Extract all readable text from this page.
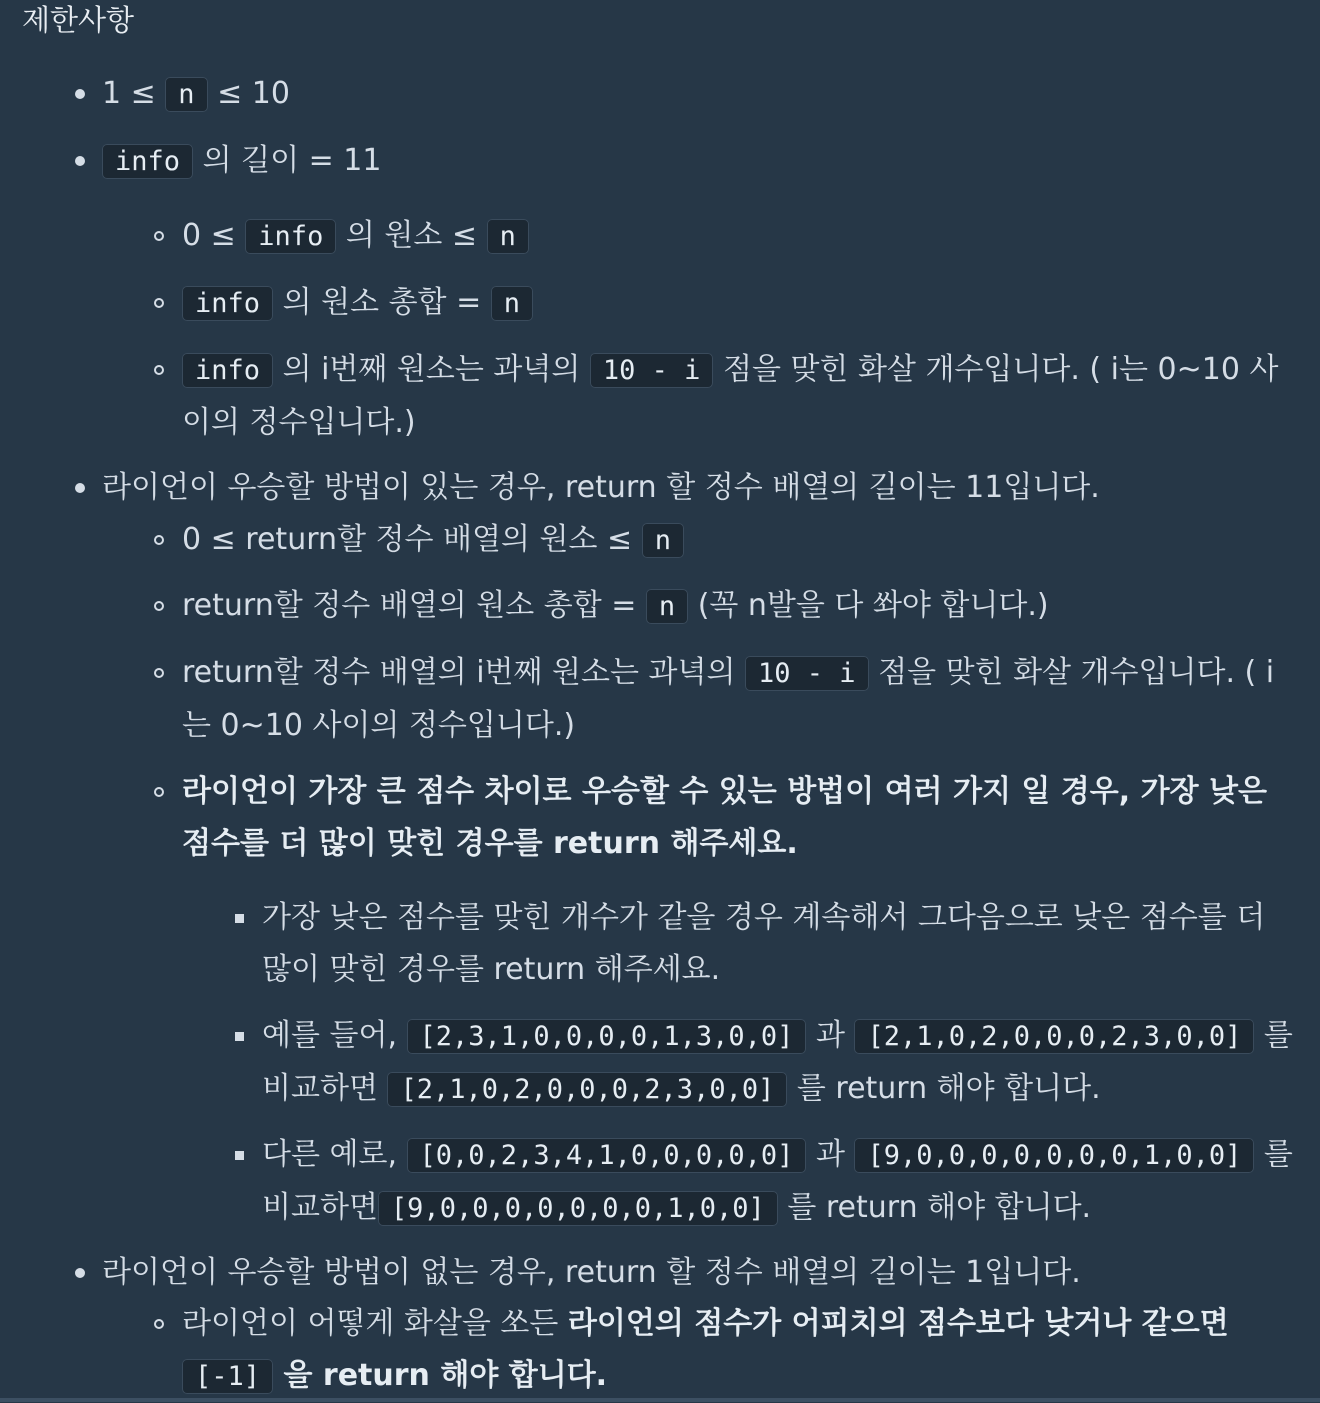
제한사항
1 ≤ n ≤ 10
info 의 길이 = 11
0 ≤ info 의 원소 ≤ n
info 의 원소 총합 = n
info 의 i번째 원소는 과녁의 10 - i 점을 맞힌 화살 개수입니다. ( i는 0~10 사이의 정수입니다.)
라이언이 우승할 방법이 있는 경우, return 할 정수 배열의 길이는 11입니다.
0 ≤ return할 정수 배열의 원소 ≤ n
return할 정수 배열의 원소 총합 = n (꼭 n발을 다 쏴야 합니다.)
return할 정수 배열의 i번째 원소는 과녁의 10 - i 점을 맞힌 화살 개수입니다. ( i는 0~10 사이의 정수입니다.)
라이언이 가장 큰 점수 차이로 우승할 수 있는 방법이 여러 가지 일 경우, 가장 낮은 점수를 더 많이 맞힌 경우를 return 해주세요.
가장 낮은 점수를 맞힌 개수가 같을 경우 계속해서 그다음으로 낮은 점수를 더 많이 맞힌 경우를 return 해주세요.
예를 들어, [2,3,1,0,0,0,0,1,3,0,0] 과 [2,1,0,2,0,0,0,2,3,0,0] 를 비교하면 [2,1,0,2,0,0,0,2,3,0,0] 를 return 해야 합니다.
다른 예로, [0,0,2,3,4,1,0,0,0,0,0] 과 [9,0,0,0,0,0,0,0,1,0,0] 를 비교하면 [9,0,0,0,0,0,0,0,1,0,0] 를 return 해야 합니다.
라이언이 우승할 방법이 없는 경우, return 할 정수 배열의 길이는 1입니다.
라이언이 어떻게 화살을 쏘든 라이언의 점수가 어피치의 점수보다 낮거나 같으면
[-1] 을 return 해야 합니다.
